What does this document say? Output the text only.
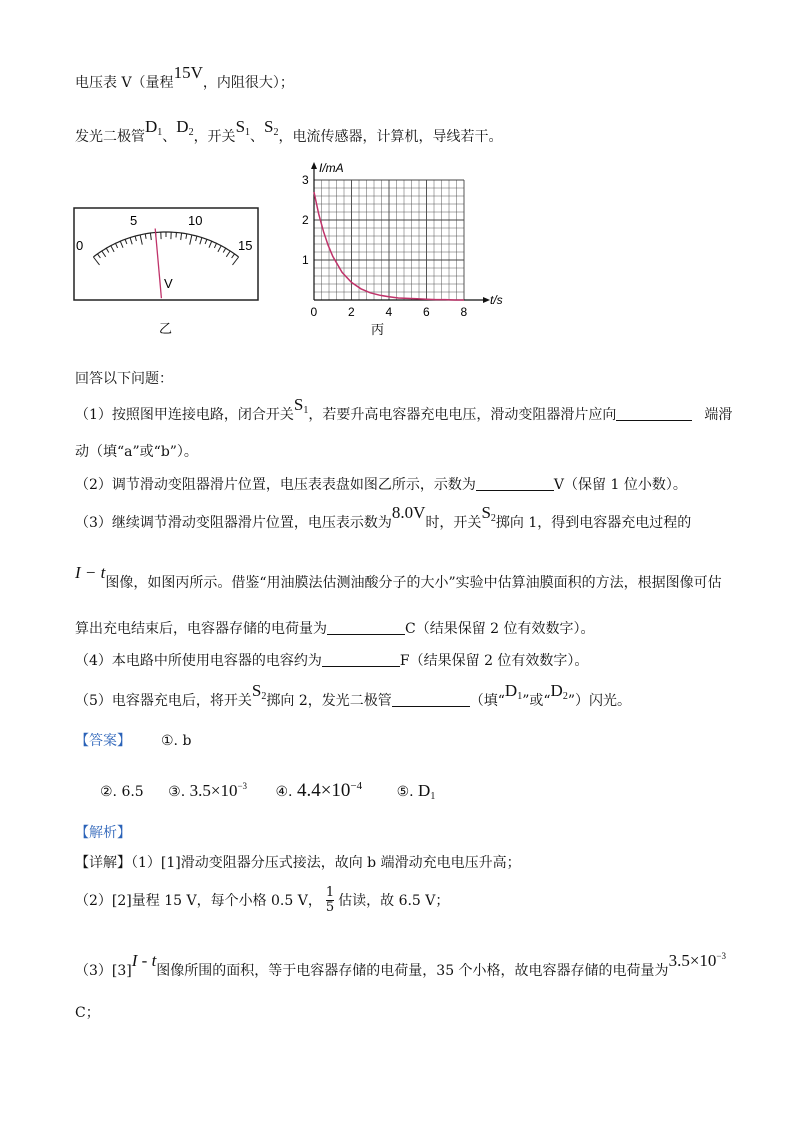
电压表 V（量程15V，内阻很大）；
发光二极管$D_1$、$D_2$，开关$S_1$、$S_2$，电流传感器，计算机，导线若干。
0
5	10
15
V
乙
I/mA
t/s
0	2	4	6	8
1
2
3
丙
回答以下问题：
（1）按照图甲连接电路，闭合开关$S_1$，若要升高电容器充电电压，滑动变阻器滑片应向	端滑
动（填“a”或“b”）。
（2）调节滑动变阻器滑片位置，电压表表盘如图乙所示，示数为	V（保留 1 位小数）。
（3）继续调节滑动变阻器滑片位置，电压表示数为8.0V时，开关$S_2$掷向 1，得到电容器充电过程的
I − t图像，如图丙所示。借鉴“用油膜法估测油酸分子的大小”实验中估算油膜面积的方法，根据图像可估
算出充电结束后，电容器存储的电荷量为	C（结果保留 2 位有效数字）。
（4）本电路中所使用电容器的电容约为	F（结果保留 2 位有效数字）。
（5）电容器充电后，将开关$S_2$掷向 2，发光二极管	（填“$D_1$”或“$D_2$”）闪光。
【答案】 ①. b
②. 6.5 ③. $3.5\times 10^{-3}$ ④. $4.4\times 10^{-4}$ ⑤. $D_1$
【解析】
【详解】（1）[1]滑动变阻器分压式接法，故向 b 端滑动充电电压升高；
（2）[2]量程 15 V，每个小格 0.5 V， $\frac{1}{5}$ 估读，故 6.5 V；
（3）[3]I - t图像所围的面积，等于电容器存储的电荷量，35 个小格，故电容器存储的电荷量为$3.5\times 10^{-3}$
C；
